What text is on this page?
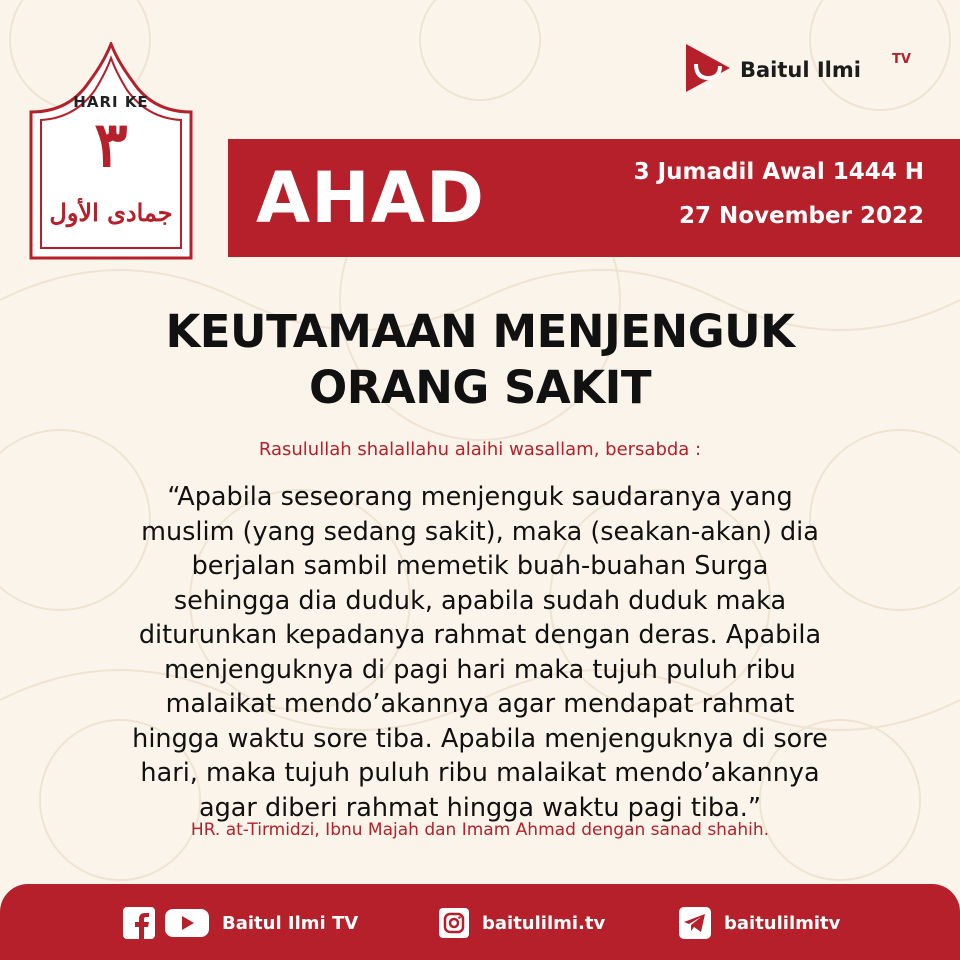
HARI KE
٣
جمادى الأول
Baitul Ilmi TV
AHAD	3 Jumadil Awal 1444 H
27 November 2022
KEUTAMAAN MENJENGUK
ORANG SAKIT
Rasulullah shalallahu alaihi wasallam, bersabda :
“Apabila seseorang menjenguk saudaranya yang
muslim (yang sedang sakit), maka (seakan-akan) dia
berjalan sambil memetik buah-buahan Surga
sehingga dia duduk, apabila sudah duduk maka
diturunkan kepadanya rahmat dengan deras. Apabila
menjenguknya di pagi hari maka tujuh puluh ribu
malaikat mendo’akannya agar mendapat rahmat
hingga waktu sore tiba. Apabila menjenguknya di sore
hari, maka tujuh puluh ribu malaikat mendo’akannya
agar diberi rahmat hingga waktu pagi tiba.”
HR. at-Tirmidzi, Ibnu Majah dan Imam Ahmad dengan sanad shahih.
Baitul Ilmi TV	baitulilmi.tv	baitulilmitv
